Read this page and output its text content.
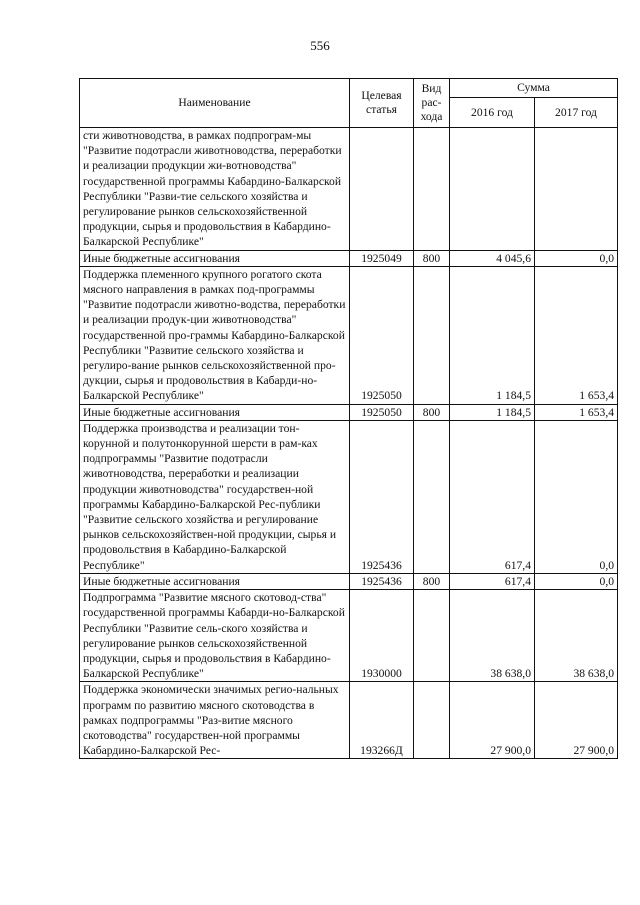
556
Наименование	Целевая статья	Вид рас-хода	Сумма	
			2016 год	2017 год
сти животноводства, в рамках подпрограм-мы "Развитие подотрасли животноводства, переработки и реализации продукции жи-вотноводства" государственной программы Кабардино-Балкарской Республики "Разви-тие сельского хозяйства и регулирование рынков сельскохозяйственной продукции, сырья и продовольствия в Кабардино-Балкарской Республике"				
Иные бюджетные ассигнования	1925049	800	4 045,6	0,0
Поддержка племенного крупного рогатого скота мясного направления в рамках под-программы "Развитие подотрасли животно-водства, переработки и реализации продук-ции животноводства" государственной про-граммы Кабардино-Балкарской Республики "Развитие сельского хозяйства и регулиро-вание рынков сельскохозяйственной про-дукции, сырья и продовольствия в Кабарди-но-Балкарской Республике"	1925050		1 184,5	1 653,4
Иные бюджетные ассигнования	1925050	800	1 184,5	1 653,4
Поддержка производства и реализации тон-корунной и полутонкорунной шерсти в рам-ках подпрограммы "Развитие подотрасли животноводства, переработки и реализации продукции животноводства" государствен-ной программы Кабардино-Балкарской Рес-публики "Развитие сельского хозяйства и регулирование рынков сельскохозяйствен-ной продукции, сырья и продовольствия в Кабардино-Балкарской Республике"	1925436		617,4	0,0
Иные бюджетные ассигнования	1925436	800	617,4	0,0
Подпрограмма "Развитие мясного скотовод-ства" государственной программы Кабарди-но-Балкарской Республики "Развитие сель-ского хозяйства и регулирование рынков сельскохозяйственной продукции, сырья и продовольствия в Кабардино-Балкарской Республике"	1930000		38 638,0	38 638,0
Поддержка экономически значимых регио-нальных программ по развитию мясного скотоводства в рамках подпрограммы "Раз-витие мясного скотоводства" государствен-ной программы Кабардино-Балкарской Рес-	193266Д		27 900,0	27 900,0
